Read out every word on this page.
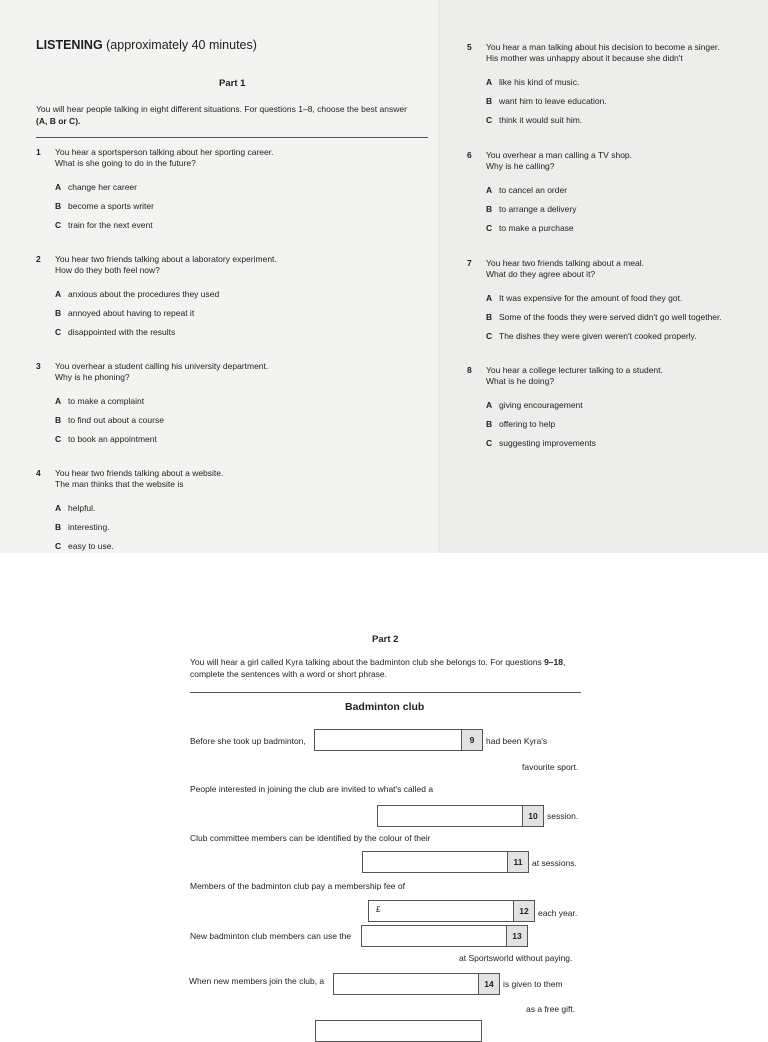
LISTENING (approximately 40 minutes)
Part 1
You will hear people talking in eight different situations. For questions 1–8, choose the best answer
(A, B or C).
1 You hear a sportsperson talking about her sporting career.
What is she going to do in the future?
A change her career
B become a sports writer
C train for the next event
2 You hear two friends talking about a laboratory experiment.
How do they both feel now?
A anxious about the procedures they used
B annoyed about having to repeat it
C disappointed with the results
3 You overhear a student calling his university department.
Why is he phoning?
A to make a complaint
B to find out about a course
C to book an appointment
4 You hear two friends talking about a website.
The man thinks that the website is
A helpful.
B interesting.
C easy to use.
5 You hear a man talking about his decision to become a singer.
His mother was unhappy about it because she didn't
A like his kind of music.
B want him to leave education.
C think it would suit him.
6 You overhear a man calling a TV shop.
Why is he calling?
A to cancel an order
B to arrange a delivery
C to make a purchase
7 You hear two friends talking about a meal.
What do they agree about it?
A It was expensive for the amount of food they got.
B Some of the foods they were served didn't go well together.
C The dishes they were given weren't cooked properly.
8 You hear a college lecturer talking to a student.
What is he doing?
A giving encouragement
B offering to help
C suggesting improvements
Part 2
You will hear a girl called Kyra talking about the badminton club she belongs to. For questions 9–18,
complete the sentences with a word or short phrase.
Badminton club
Before she took up badminton,	9	had been Kyra's
favourite sport.
People interested in joining the club are invited to what's called a
10	session.
Club committee members can be identified by the colour of their
11	at sessions.
Members of the badminton club pay a membership fee of
£	12	each year.
New badminton club members can use the	13
at Sportsworld without paying.
When new members join the club, a	14	is given to them
as a free gift.
